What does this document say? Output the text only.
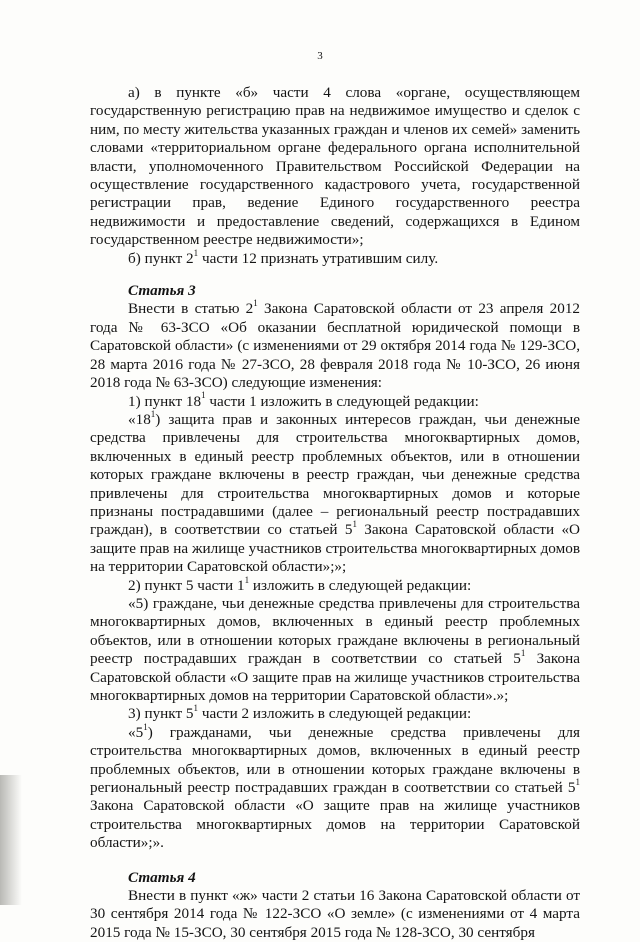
3

а) в пункте «б» части 4 слова «органе, осуществляющем государственную регистрацию прав на недвижимое имущество и сделок с ним, по месту жительства указанных граждан и членов их семей» заменить словами «территориальном органе федерального органа исполнительной власти, уполномоченного Правительством Российской Федерации на осуществление государственного кадастрового учета, государственной регистрации прав, ведение Единого государственного реестра недвижимости и предоставление сведений, содержащихся в Едином государственном реестре недвижимости»;

б) пункт $2^1$ части 12 признать утратившим силу.

Статья 3

Внести в статью $2^1$ Закона Саратовской области от 23 апреля 2012 года № 63-ЗСО «Об оказании бесплатной юридической помощи в Саратовской области» (с изменениями от 29 октября 2014 года № 129-ЗСО, 28 марта 2016 года № 27-ЗСО, 28 февраля 2018 года № 10-ЗСО, 26 июня 2018 года № 63-ЗСО) следующие изменения:

1) пункт $18^1$ части 1 изложить в следующей редакции:

«$18^1$) защита прав и законных интересов граждан, чьи денежные средства привлечены для строительства многоквартирных домов, включенных в единый реестр проблемных объектов, или в отношении которых граждане включены в реестр граждан, чьи денежные средства привлечены для строительства многоквартирных домов и которые признаны пострадавшими (далее – региональный реестр пострадавших граждан), в соответствии со статьей $5^1$ Закона Саратовской области «О защите прав на жилище участников строительства многоквартирных домов на территории Саратовской области»;»;

2) пункт 5 части $1^1$ изложить в следующей редакции:

«5) граждане, чьи денежные средства привлечены для строительства многоквартирных домов, включенных в единый реестр проблемных объектов, или в отношении которых граждане включены в региональный реестр пострадавших граждан в соответствии со статьей $5^1$ Закона Саратовской области «О защите прав на жилище участников строительства многоквартирных домов на территории Саратовской области».»;

3) пункт $5^1$ части 2 изложить в следующей редакции:

«$5^1$) гражданами, чьи денежные средства привлечены для строительства многоквартирных домов, включенных в единый реестр проблемных объектов, или в отношении которых граждане включены в региональный реестр пострадавших граждан в соответствии со статьей $5^1$ Закона Саратовской области «О защите прав на жилище участников строительства многоквартирных домов на территории Саратовской области»;».

Статья 4

Внести в пункт «ж» части 2 статьи 16 Закона Саратовской области от 30 сентября 2014 года № 122-ЗСО «О земле» (с изменениями от 4 марта 2015 года № 15-ЗСО, 30 сентября 2015 года № 128-ЗСО, 30 сентября
